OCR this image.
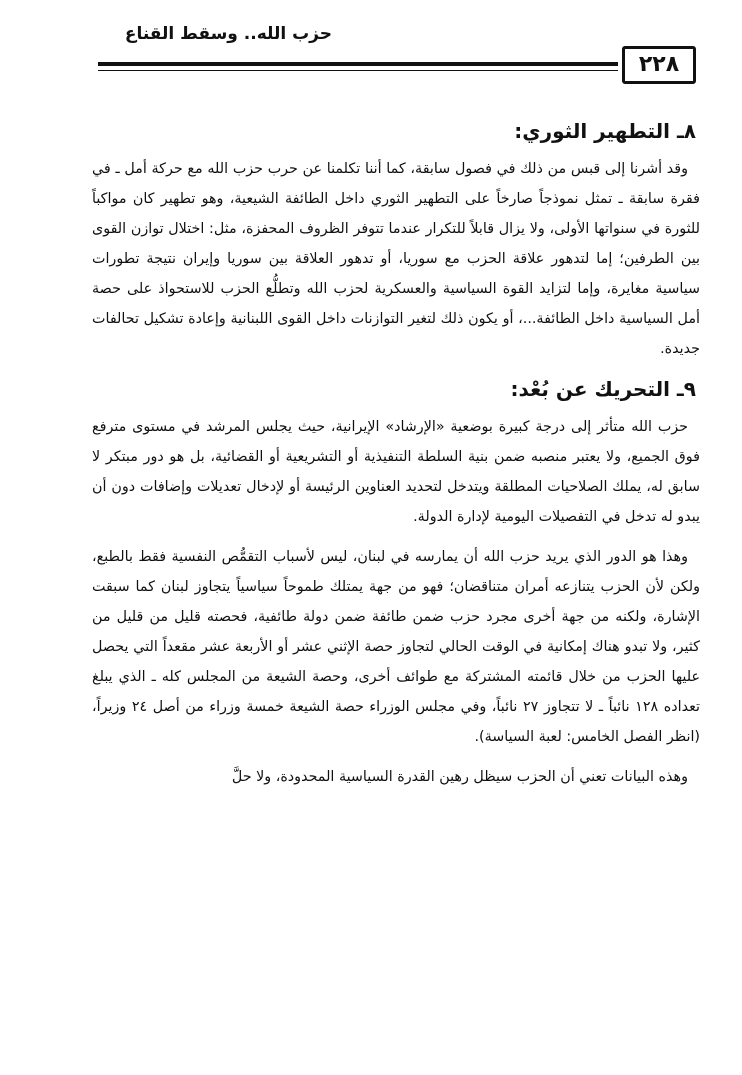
حزب الله.. وسقط القناع
٢٢٨
٨ـ التطهير الثوري:

وقد أشرنا إلى قبس من ذلك في فصول سابقة، كما أننا تكلمنا عن حرب حزب الله مع حركة أمل ـ في فقرة سابقة ـ تمثل نموذجاً صارخاً على التطهير الثوري داخل الطائفة الشيعية، وهو تطهير كان مواكباً للثورة في سنواتها الأولى، ولا يزال قابلاً للتكرار عندما تتوفر الظروف المحفزة، مثل: اختلال توازن القوى بين الطرفين؛ إما لتدهور علاقة الحزب مع سوريا، أو تدهور العلاقة بين سوريا وإيران نتيجة تطورات سياسية مغايرة، وإما لتزايد القوة السياسية والعسكرية لحزب الله وتطلُّع الحزب للاستحواذ على حصة أمل السياسية داخل الطائفة...، أو يكون ذلك لتغير التوازنات داخل القوى اللبنانية وإعادة تشكيل تحالفات جديدة.

٩ـ التحريك عن بُعْد:

حزب الله متأثر إلى درجة كبيرة بوضعية «الإرشاد» الإيرانية، حيث يجلس المرشد في مستوى مترفع فوق الجميع، ولا يعتبر منصبه ضمن بنية السلطة التنفيذية أو التشريعية أو القضائية، بل هو دور مبتكر لا سابق له، يملك الصلاحيات المطلقة ويتدخل لتحديد العناوين الرئيسة أو لإدخال تعديلات وإضافات دون أن يبدو له تدخل في التفصيلات اليومية لإدارة الدولة.

وهذا هو الدور الذي يريد حزب الله أن يمارسه في لبنان، ليس لأسباب التقمُّص النفسية فقط بالطبع، ولكن لأن الحزب يتنازعه أمران متناقضان؛ فهو من جهة يمتلك طموحاً سياسياً يتجاوز لبنان كما سبقت الإشارة، ولكنه من جهة أخرى مجرد حزب ضمن طائفة ضمن دولة طائفية، فحصته قليل من قليل من كثير، ولا تبدو هناك إمكانية في الوقت الحالي لتجاوز حصة الإثني عشر أو الأربعة عشر مقعداً التي يحصل عليها الحزب من خلال قائمته المشتركة مع طوائف أخرى، وحصة الشيعة من المجلس كله ـ الذي يبلغ تعداده ١٢٨ نائباً ـ لا تتجاوز ٢٧ نائباً، وفي مجلس الوزراء حصة الشيعة خمسة وزراء من أصل ٢٤ وزيراً، (انظر الفصل الخامس: لعبة السياسة).

وهذه البيانات تعني أن الحزب سيظل رهين القدرة السياسية المحدودة، ولا حلَّ
